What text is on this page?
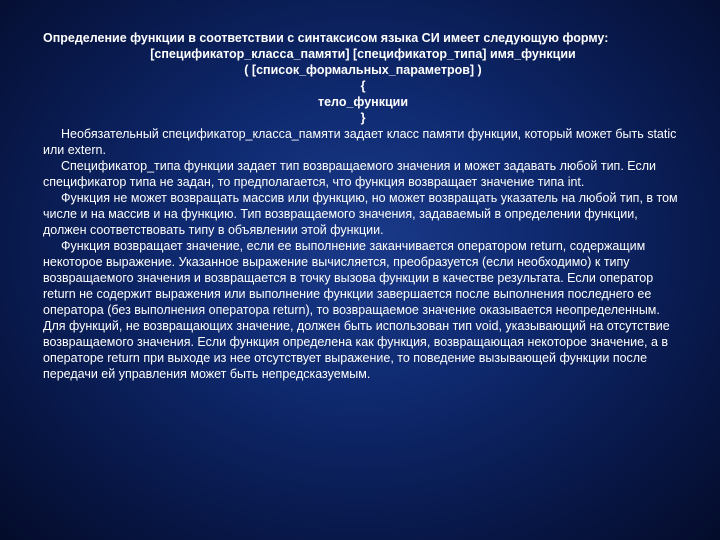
Определение функции в соответствии с синтаксисом языка СИ имеет следующую форму:
[спецификатор_класса_памяти] [спецификатор_типа] имя_функции
( [список_формальных_параметров] )
{
тело_функции
}

Необязательный спецификатор_класса_памяти задает класс памяти функции, который может быть static или extern.

Спецификатор_типа функции задает тип возвращаемого значения и может задавать любой тип. Если спецификатор типа не задан, то предполагается, что функция возвращает значение типа int.

Функция не может возвращать массив или функцию, но может возвращать указатель на любой тип, в том числе и на массив и на функцию. Тип возвращаемого значения, задаваемый в определении функции, должен соответствовать типу в объявлении этой функции.

Функция возвращает значение, если ее выполнение заканчивается оператором return, содержащим некоторое выражение. Указанное выражение вычисляется, преобразуется (если необходимо) к типу возвращаемого значения и возвращается в точку вызова функции в качестве результата. Если оператор return не содержит выражения или выполнение функции завершается после выполнения последнего ее оператора (без выполнения оператора return), то возвращаемое значение оказывается неопределенным. Для функций, не возвращающих значение, должен быть использован тип void, указывающий на отсутствие возвращаемого значения. Если функция определена как функция, возвращающая некоторое значение, а в операторе return при выходе из нее отсутствует выражение, то поведение вызывающей функции после передачи ей управления может быть непредсказуемым.
